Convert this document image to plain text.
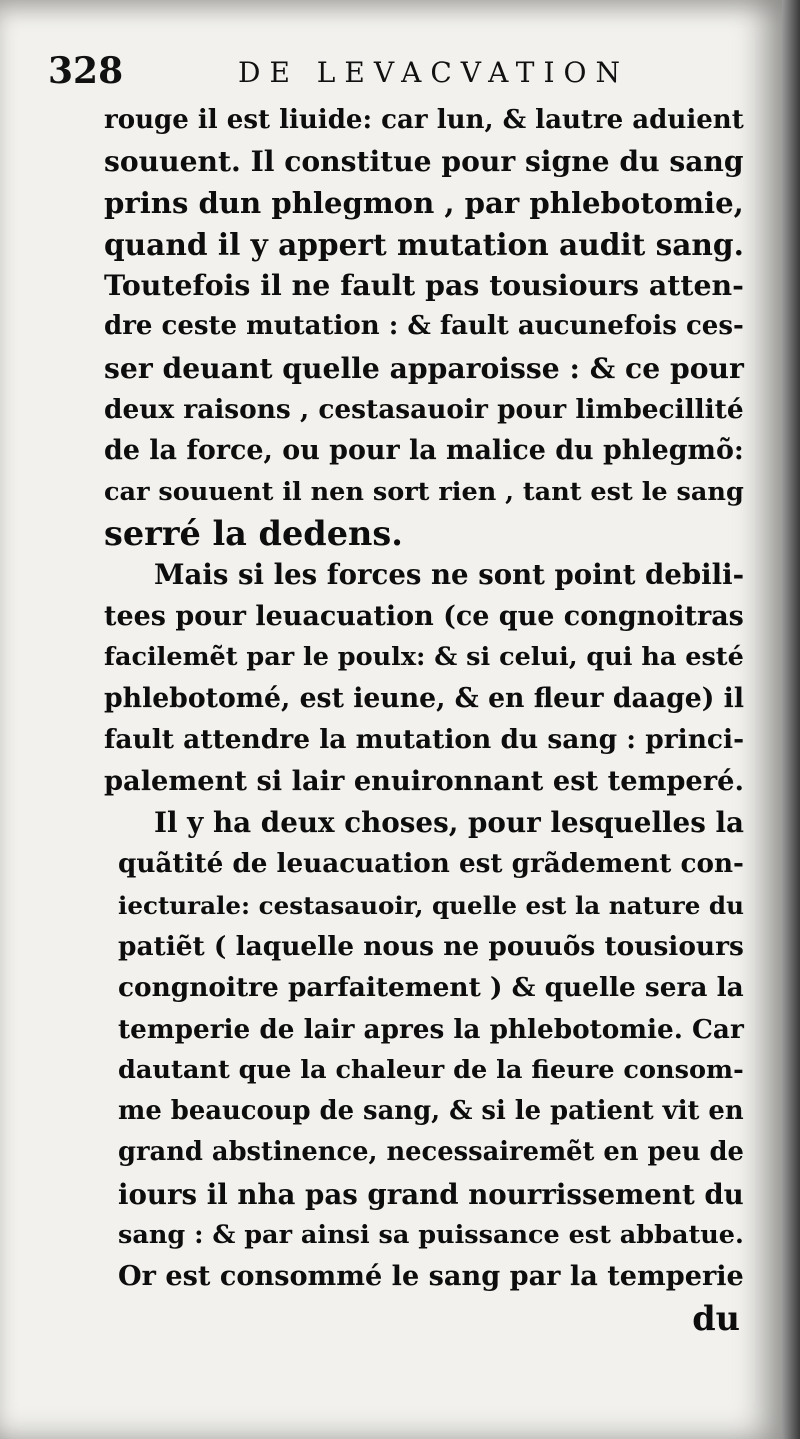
328	DE LEVACVATION
rouge il est liuide: car lun, & lautre aduient
souuent. Il constitue pour signe du sang
prins dun phlegmon , par phlebotomie,
quand il y appert mutation audit sang.
Toutefois il ne fault pas tousiours atten-
dre ceste mutation : & fault aucunefois ces-
ser deuant quelle apparoisse : & ce pour
deux raisons , cestasauoir pour limbecillité
de la force, ou pour la malice du phlegmõ:
car souuent il nen sort rien , tant est le sang
serré la dedens.
Mais si les forces ne sont point debili-
tees pour leuacuation (ce que congnoitras
facilemẽt par le poulx: & si celui, qui ha esté
phlebotomé, est ieune, & en fleur daage) il
fault attendre la mutation du sang : princi-
palement si lair enuironnant est temperé.
Il y ha deux choses, pour lesquelles la
quãtité de leuacuation est grãdement con-
iecturale: cestasauoir, quelle est la nature du
patiẽt ( laquelle nous ne pouuõs tousiours
congnoitre parfaitement ) & quelle sera la
temperie de lair apres la phlebotomie. Car
dautant que la chaleur de la fieure consom-
me beaucoup de sang, & si le patient vit en
grand abstinence, necessairemẽt en peu de
iours il nha pas grand nourrissement du
sang : & par ainsi sa puissance est abbatue.
Or est consommé le sang par la temperie
du
